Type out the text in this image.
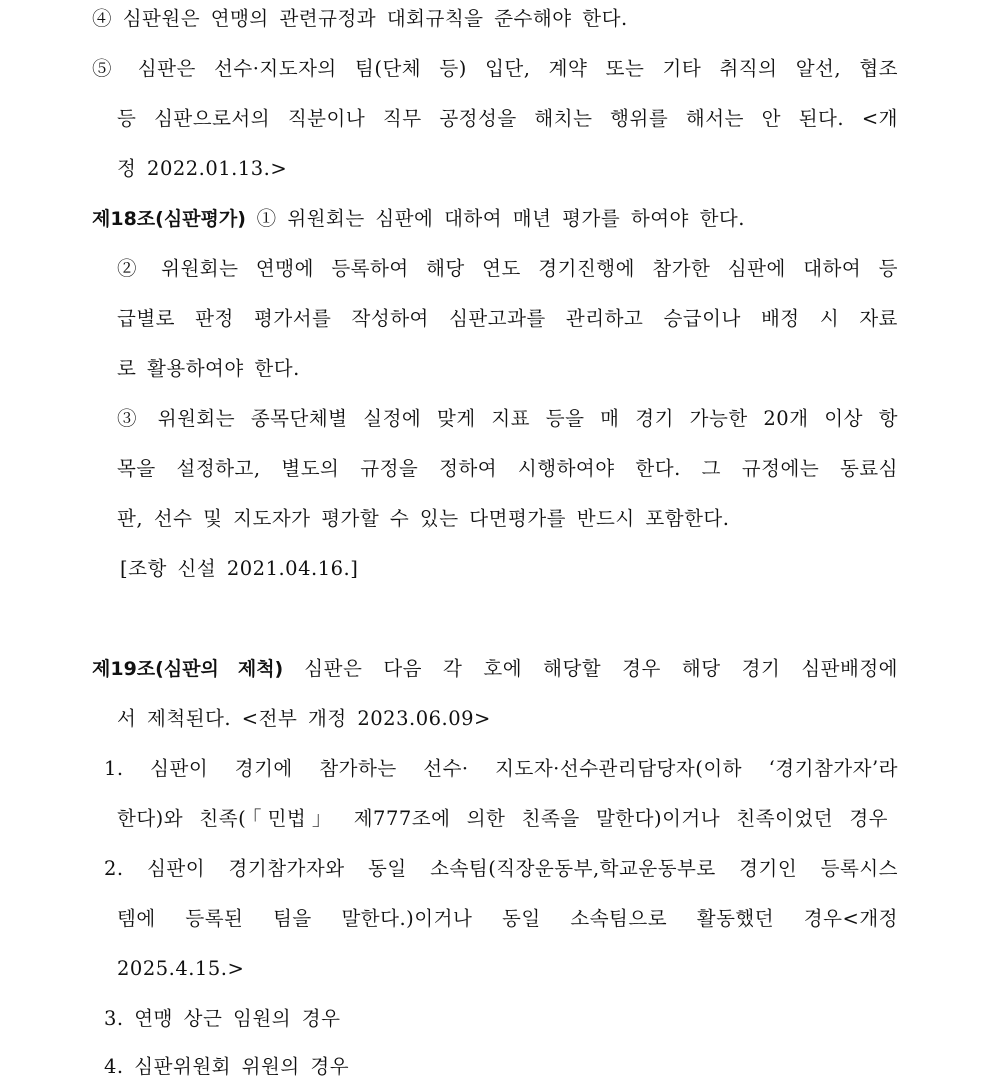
④ 심판원은 연맹의 관련규정과 대회규칙을 준수해야 한다.
⑤ 심판은 선수·지도자의 팀(단체 등) 입단, 계약 또는 기타 취직의 알선, 협조
등 심판으로서의 직분이나 직무 공정성을 해치는 행위를 해서는 안 된다. <개
정 2022.01.13.>
제18조(심판평가) ① 위원회는 심판에 대하여 매년 평가를 하여야 한다.
② 위원회는 연맹에 등록하여 해당 연도 경기진행에 참가한 심판에 대하여 등
급별로 판정 평가서를 작성하여 심판고과를 관리하고 승급이나 배정 시 자료
로 활용하여야 한다.
③ 위원회는 종목단체별 실정에 맞게 지표 등을 매 경기 가능한 20개 이상 항
목을 설정하고, 별도의 규정을 정하여 시행하여야 한다. 그 규정에는 동료심
판, 선수 및 지도자가 평가할 수 있는 다면평가를 반드시 포함한다.
[조항 신설 2021.04.16.]
제19조(심판의 제척) 심판은 다음 각 호에 해당할 경우 해당 경기 심판배정에
서 제척된다. <전부 개정 2023.06.09>
1. 심판이 경기에 참가하는 선수· 지도자·선수관리담당자(이하 ‘경기참가자’라
한다)와 친족(「민법」 제777조에 의한 친족을 말한다)이거나 친족이었던 경우
2. 심판이 경기참가자와 동일 소속팀(직장운동부,학교운동부로 경기인 등록시스
템에 등록된 팀을 말한다.)이거나 동일 소속팀으로 활동했던 경우<개정
2025.4.15.>
3. 연맹 상근 임원의 경우
4. 심판위원회 위원의 경우
